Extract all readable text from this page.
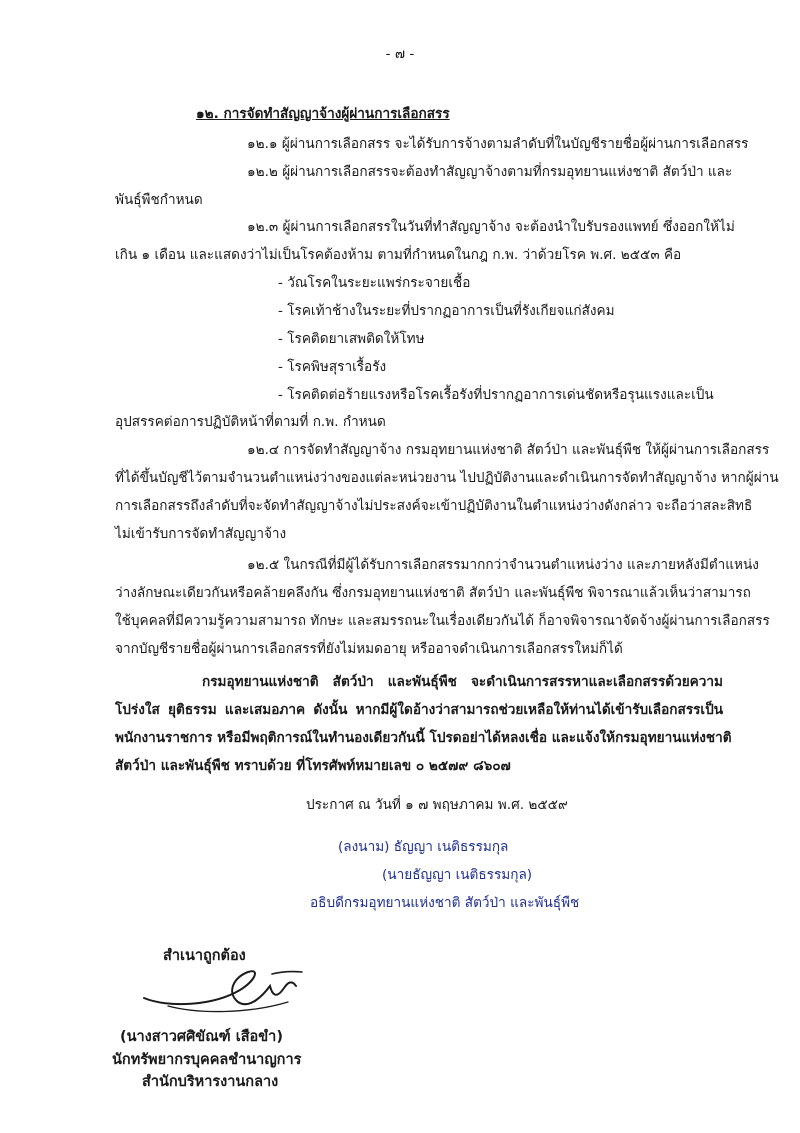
- ๗ -

๑๒. การจัดทำสัญญาจ้างผู้ผ่านการเลือกสรร

๑๒.๑ ผู้ผ่านการเลือกสรร จะได้รับการจ้างตามลำดับที่ในบัญชีรายชื่อผู้ผ่านการเลือกสรร

๑๒.๒ ผู้ผ่านการเลือกสรรจะต้องทำสัญญาจ้างตามที่กรมอุทยานแห่งชาติ สัตว์ป่า และ

พันธุ์พืชกำหนด

๑๒.๓ ผู้ผ่านการเลือกสรรในวันที่ทำสัญญาจ้าง จะต้องนำใบรับรองแพทย์ ซึ่งออกให้ไม่

เกิน ๑ เดือน และแสดงว่าไม่เป็นโรคต้องห้าม ตามที่กำหนดในกฎ ก.พ. ว่าด้วยโรค พ.ศ. ๒๕๕๓ คือ

- วัณโรคในระยะแพร่กระจายเชื้อ

- โรคเท้าช้างในระยะที่ปรากฏอาการเป็นที่รังเกียจแก่สังคม

- โรคติดยาเสพติดให้โทษ

- โรคพิษสุราเรื้อรัง

- โรคติดต่อร้ายแรงหรือโรคเรื้อรังที่ปรากฏอาการเด่นชัดหรือรุนแรงและเป็น

อุปสรรคต่อการปฏิบัติหน้าที่ตามที่ ก.พ. กำหนด

๑๒.๔ การจัดทำสัญญาจ้าง กรมอุทยานแห่งชาติ สัตว์ป่า และพันธุ์พืช ให้ผู้ผ่านการเลือกสรร

ที่ได้ขึ้นบัญชีไว้ตามจำนวนตำแหน่งว่างของแต่ละหน่วยงาน ไปปฏิบัติงานและดำเนินการจัดทำสัญญาจ้าง หากผู้ผ่าน

การเลือกสรรถึงลำดับที่จะจัดทำสัญญาจ้างไม่ประสงค์จะเข้าปฏิบัติงานในตำแหน่งว่างดังกล่าว จะถือว่าสละสิทธิ

ไม่เข้ารับการจัดทำสัญญาจ้าง

๑๒.๕ ในกรณีที่มีผู้ได้รับการเลือกสรรมากกว่าจำนวนตำแหน่งว่าง และภายหลังมีตำแหน่ง

ว่างลักษณะเดียวกันหรือคล้ายคลึงกัน ซึ่งกรมอุทยานแห่งชาติ สัตว์ป่า และพันธุ์พืช พิจารณาแล้วเห็นว่าสามารถ

ใช้บุคคลที่มีความรู้ความสามารถ ทักษะ และสมรรถนะในเรื่องเดียวกันได้ ก็อาจพิจารณาจัดจ้างผู้ผ่านการเลือกสรร

จากบัญชีรายชื่อผู้ผ่านการเลือกสรรที่ยังไม่หมดอายุ หรืออาจดำเนินการเลือกสรรใหม่ก็ได้

กรมอุทยานแห่งชาติ สัตว์ป่า และพันธุ์พืช จะดำเนินการสรรหาและเลือกสรรด้วยความ

โปร่งใส ยุติธรรม และเสมอภาค ดังนั้น หากมีผู้ใดอ้างว่าสามารถช่วยเหลือให้ท่านได้เข้ารับเลือกสรรเป็น

พนักงานราชการ หรือมีพฤติการณ์ในทำนองเดียวกันนี้ โปรดอย่าได้หลงเชื่อ และแจ้งให้กรมอุทยานแห่งชาติ

สัตว์ป่า และพันธุ์พืช ทราบด้วย ที่โทรศัพท์หมายเลข ๐ ๒๕๗๙ ๘๖๐๗

ประกาศ ณ วันที่ ๑ ๗ พฤษภาคม พ.ศ. ๒๕๕๙

(ลงนาม) ธัญญา เนติธรรมกุล

(นายธัญญา เนติธรรมกุล)

อธิบดีกรมอุทยานแห่งชาติ สัตว์ป่า และพันธุ์พืช

สำเนาถูกต้อง

(นางสาวศศิขัณฑ์ เสือขำ)

นักทรัพยากรบุคคลชำนาญการ

สำนักบริหารงานกลาง
